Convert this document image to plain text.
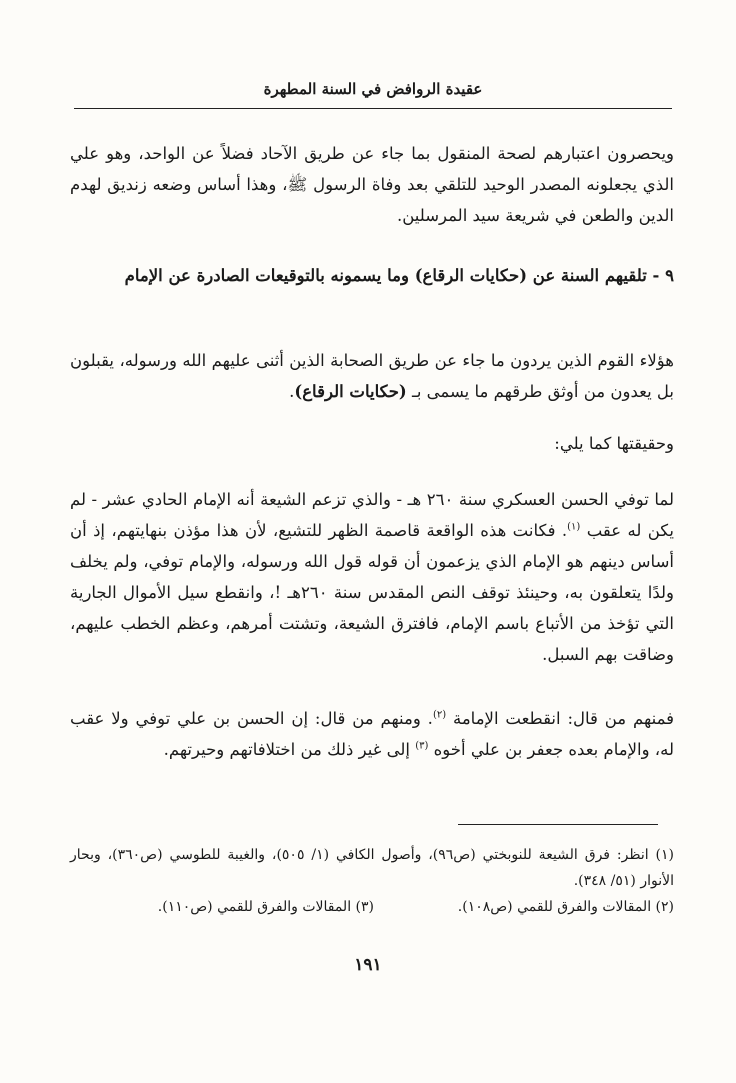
عقيدة الروافض في السنة المطهرة

ويحصرون اعتبارهم لصحة المنقول بما جاء عن طريق الآحاد فضلاً عن الواحد، وهو علي الذي يجعلونه المصدر الوحيد للتلقي بعد وفاة الرسول ﷺ، وهذا أساس وضعه زنديق لهدم الدين والطعن في شريعة سيد المرسلين.

٩ - تلقيهم السنة عن (حكايات الرقاع) وما يسمونه بالتوقيعات الصادرة عن الإمام

هؤلاء القوم الذين يردون ما جاء عن طريق الصحابة الذين أثنى عليهم الله ورسوله، يقبلون بل يعدون من أوثق طرقهم ما يسمى بـ (حكايات الرقاع).

وحقيقتها كما يلي:

لما توفي الحسن العسكري سنة ٢٦٠ هـ - والذي تزعم الشيعة أنه الإمام الحادي عشر - لم يكن له عقب $^{(١)}$. فكانت هذه الواقعة قاصمة الظهر للتشيع، لأن هذا مؤذن بنهايتهم، إذ أن أساس دينهم هو الإمام الذي يزعمون أن قوله قول الله ورسوله، والإمام توفي، ولم يخلف ولدًا يتعلقون به، وحينئذ توقف النص المقدس سنة ٢٦٠هـ !، وانقطع سيل الأموال الجارية التي تؤخذ من الأتباع باسم الإمام، فافترق الشيعة، وتشتت أمرهم، وعظم الخطب عليهم، وضاقت بهم السبل.

فمنهم من قال: انقطعت الإمامة $^{(٢)}$. ومنهم من قال: إن الحسن بن علي توفي ولا عقب له، والإمام بعده جعفر بن علي أخوه $^{(٣)}$ إلى غير ذلك من اختلافاتهم وحيرتهم.

(١) انظر: فرق الشيعة للنوبختي (ص٩٦)، وأصول الكافي (١/ ٥٠٥)، والغيبة للطوسي (ص٣٦٠)، وبحار الأنوار (٥١/ ٣٤٨).
(٢) المقالات والفرق للقمي (ص١٠٨).
(٣) المقالات والفرق للقمي (ص١١٠).
١٩١
